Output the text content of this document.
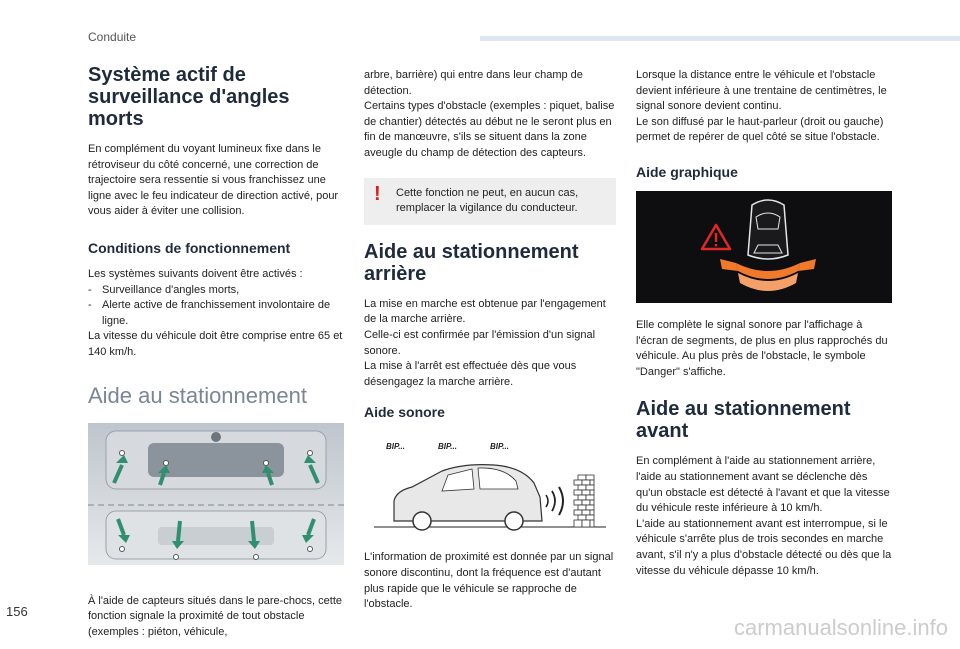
Conduite
156
Système actif de surveillance d'angles morts

En complément du voyant lumineux fixe dans le rétroviseur du côté concerné, une correction de trajectoire sera ressentie si vous franchissez une ligne avec le feu indicateur de direction activé, pour vous aider à éviter une collision.

Conditions de fonctionnement

Les systèmes suivants doivent être activés :

- Surveillance d'angles morts,
- Alerte active de franchissement involontaire de ligne.

La vitesse du véhicule doit être comprise entre 65 et 140 km/h.

Aide au stationnement

À l'aide de capteurs situés dans le pare-chocs, cette fonction signale la proximité de tout obstacle (exemples : piéton, véhicule,

arbre, barrière) qui entre dans leur champ de détection.

Certains types d'obstacle (exemples : piquet, balise de chantier) détectés au début ne le seront plus en fin de manœuvre, s'ils se situent dans la zone aveugle du champ de détection des capteurs.

! Cette fonction ne peut, en aucun cas, remplacer la vigilance du conducteur.

Aide au stationnement arrière

La mise en marche est obtenue par l'engagement de la marche arrière.

Celle-ci est confirmée par l'émission d'un signal sonore.

La mise à l'arrêt est effectuée dès que vous désengagez la marche arrière.

Aide sonore
BIP...	BIP...	BIP...

L'information de proximité est donnée par un signal sonore discontinu, dont la fréquence est d'autant plus rapide que le véhicule se rapproche de l'obstacle.

Lorsque la distance entre le véhicule et l'obstacle devient inférieure à une trentaine de centimètres, le signal sonore devient continu.

Le son diffusé par le haut-parleur (droit ou gauche) permet de repérer de quel côté se situe l'obstacle.

Aide graphique

Elle complète le signal sonore par l'affichage à l'écran de segments, de plus en plus rapprochés du véhicule. Au plus près de l'obstacle, le symbole "Danger" s'affiche.

Aide au stationnement avant

En complément à l'aide au stationnement arrière, l'aide au stationnement avant se déclenche dès qu'un obstacle est détecté à l'avant et que la vitesse du véhicule reste inférieure à 10 km/h.

L'aide au stationnement avant est interrompue, si le véhicule s'arrête plus de trois secondes en marche avant, s'il n'y a plus d'obstacle détecté ou dès que la vitesse du véhicule dépasse 10 km/h.

carmanualsonline.info
